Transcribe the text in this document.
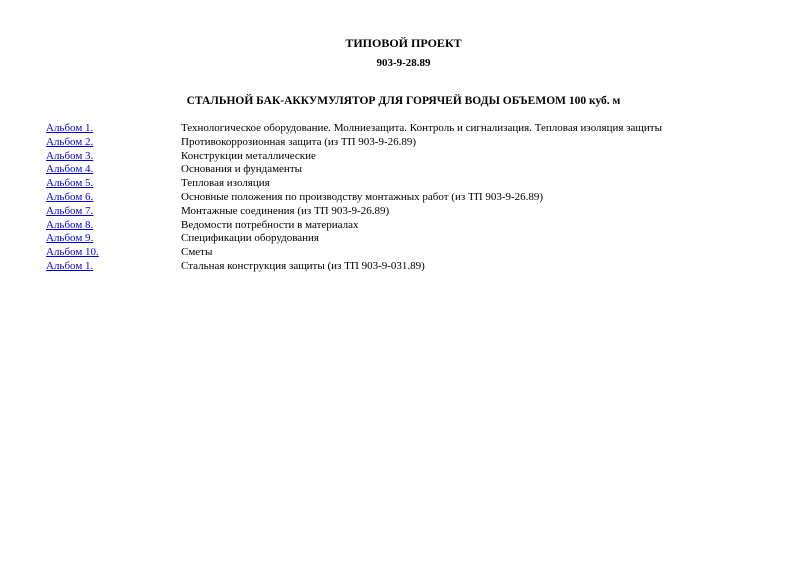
ТИПОВОЙ ПРОЕКТ
903-9-28.89
СТАЛЬНОЙ БАК-АККУМУЛЯТОР ДЛЯ ГОРЯЧЕЙ ВОДЫ ОБЪЕМОМ 100 куб. м
Альбом 1.	Технологическое оборудование. Молниезащита. Контроль и сигнализация. Тепловая изоляция защиты
Альбом 2.	Противокоррозионная защита (из ТП 903-9-26.89)
Альбом 3.	Конструкции металлические
Альбом 4.	Основания и фундаменты
Альбом 5.	Тепловая изоляция
Альбом 6.	Основные положения по производству монтажных работ (из ТП 903-9-26.89)
Альбом 7.	Монтажные соединения (из ТП 903-9-26.89)
Альбом 8.	Ведомости потребности в материалах
Альбом 9.	Спецификации оборудования
Альбом 10.	Сметы
Альбом 1.	Стальная конструкция защиты (из ТП 903-9-031.89)
